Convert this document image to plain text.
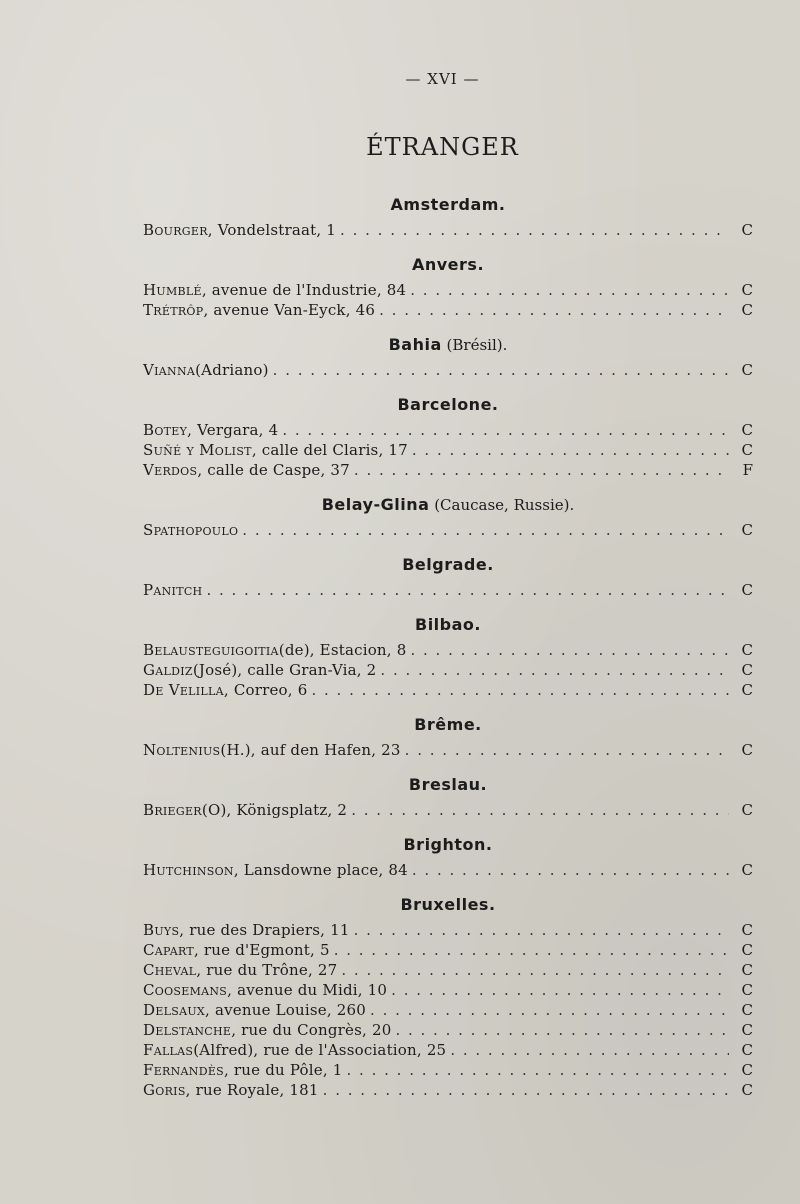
— XVI —
ÉTRANGER
Amsterdam.
Bourger , Vondelstraat, 1 . . .	C
Anvers.
Humblé , avenue de l'Industrie, 84 . . .	C
Trétrôp , avenue Van-Eyck, 46 . . .	C
Bahia (Brésil).
Vianna (Adriano) . . .	C
Barcelone.
Botey , Vergara, 4 . . .	C
Suñé y Molist , calle del Claris, 17 . . .	C
Verdos , calle de Caspe, 37 . . .	F
Belay-Glina (Caucase, Russie).
Spathopoulo . . .	C
Belgrade.
Panitch . . .	C
Bilbao.
Belausteguigoitia (de), Estacion, 8 . . .	C
Galdiz (José), calle Gran-Via, 2 . . .	C
De Velilla , Correo, 6 . . .	C
Brême.
Noltenius (H.), auf den Hafen, 23 . . .	C
Breslau.
Brieger (O), Königsplatz, 2 . . .	C
Brighton.
Hutchinson , Lansdowne place, 84 . . .	C
Bruxelles.
Buys , rue des Drapiers, 11 . . .	C
Capart , rue d'Egmont, 5 . . .	C
Cheval , rue du Trône, 27 . . .	C
Coosemans , avenue du Midi, 10 . . .	C
Delsaux , avenue Louise, 260 . . .	C
Delstanche , rue du Congrès, 20 . . .	C
Fallas (Alfred), rue de l'Association, 25 . . .	C
Fernandès , rue du Pôle, 1 . . .	C
Goris , rue Royale, 181 . . .	C
